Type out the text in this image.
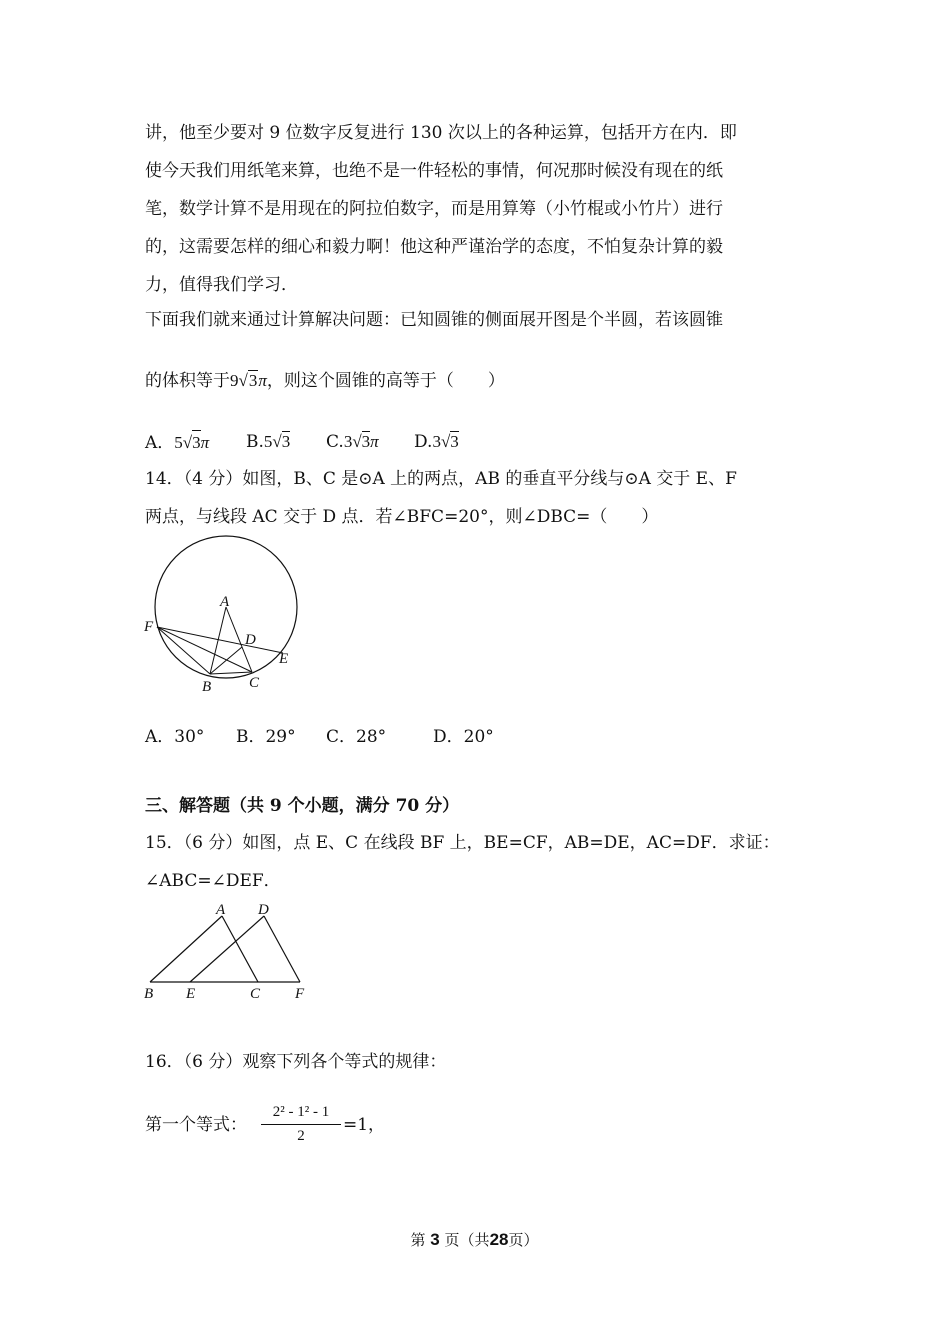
讲，他至少要对 9 位数字反复进行 130 次以上的各种运算，包括开方在内．即
使今天我们用纸笔来算，也绝不是一件轻松的事情，何况那时候没有现在的纸
笔，数学计算不是用现在的阿拉伯数字，而是用算筹（小竹棍或小竹片）进行
的，这需要怎样的细心和毅力啊！他这种严谨治学的态度，不怕复杂计算的毅
力，值得我们学习．
下面我们就来通过计算解决问题：已知圆锥的侧面展开图是个半圆，若该圆锥
的体积等于9√3π，则这个圆锥的高等于（　　）
A．5√3π B.5√3 C.3√3π D.3√3
14．（4 分）如图，B、C 是⊙A 上的两点，AB 的垂直平分线与⊙A 交于 E、F
两点，与线段 AC 交于 D 点．若∠BFC=20°，则∠DBC=（　　）
A
D
F
E
B	C
A．30° B．29° C．28°	D．20°
三、解答题（共 9 个小题，满分 70 分）
15．（6 分）如图，点 E、C 在线段 BF 上，BE=CF，AB=DE，AC=DF．求证：
∠ABC=∠DEF．
A D
B E	C F
16．（6 分）观察下列各个等式的规律：
第一个等式： $\frac{\text{2² - 1² - 1}}{2} =1$，
第 3 页（共28页）
